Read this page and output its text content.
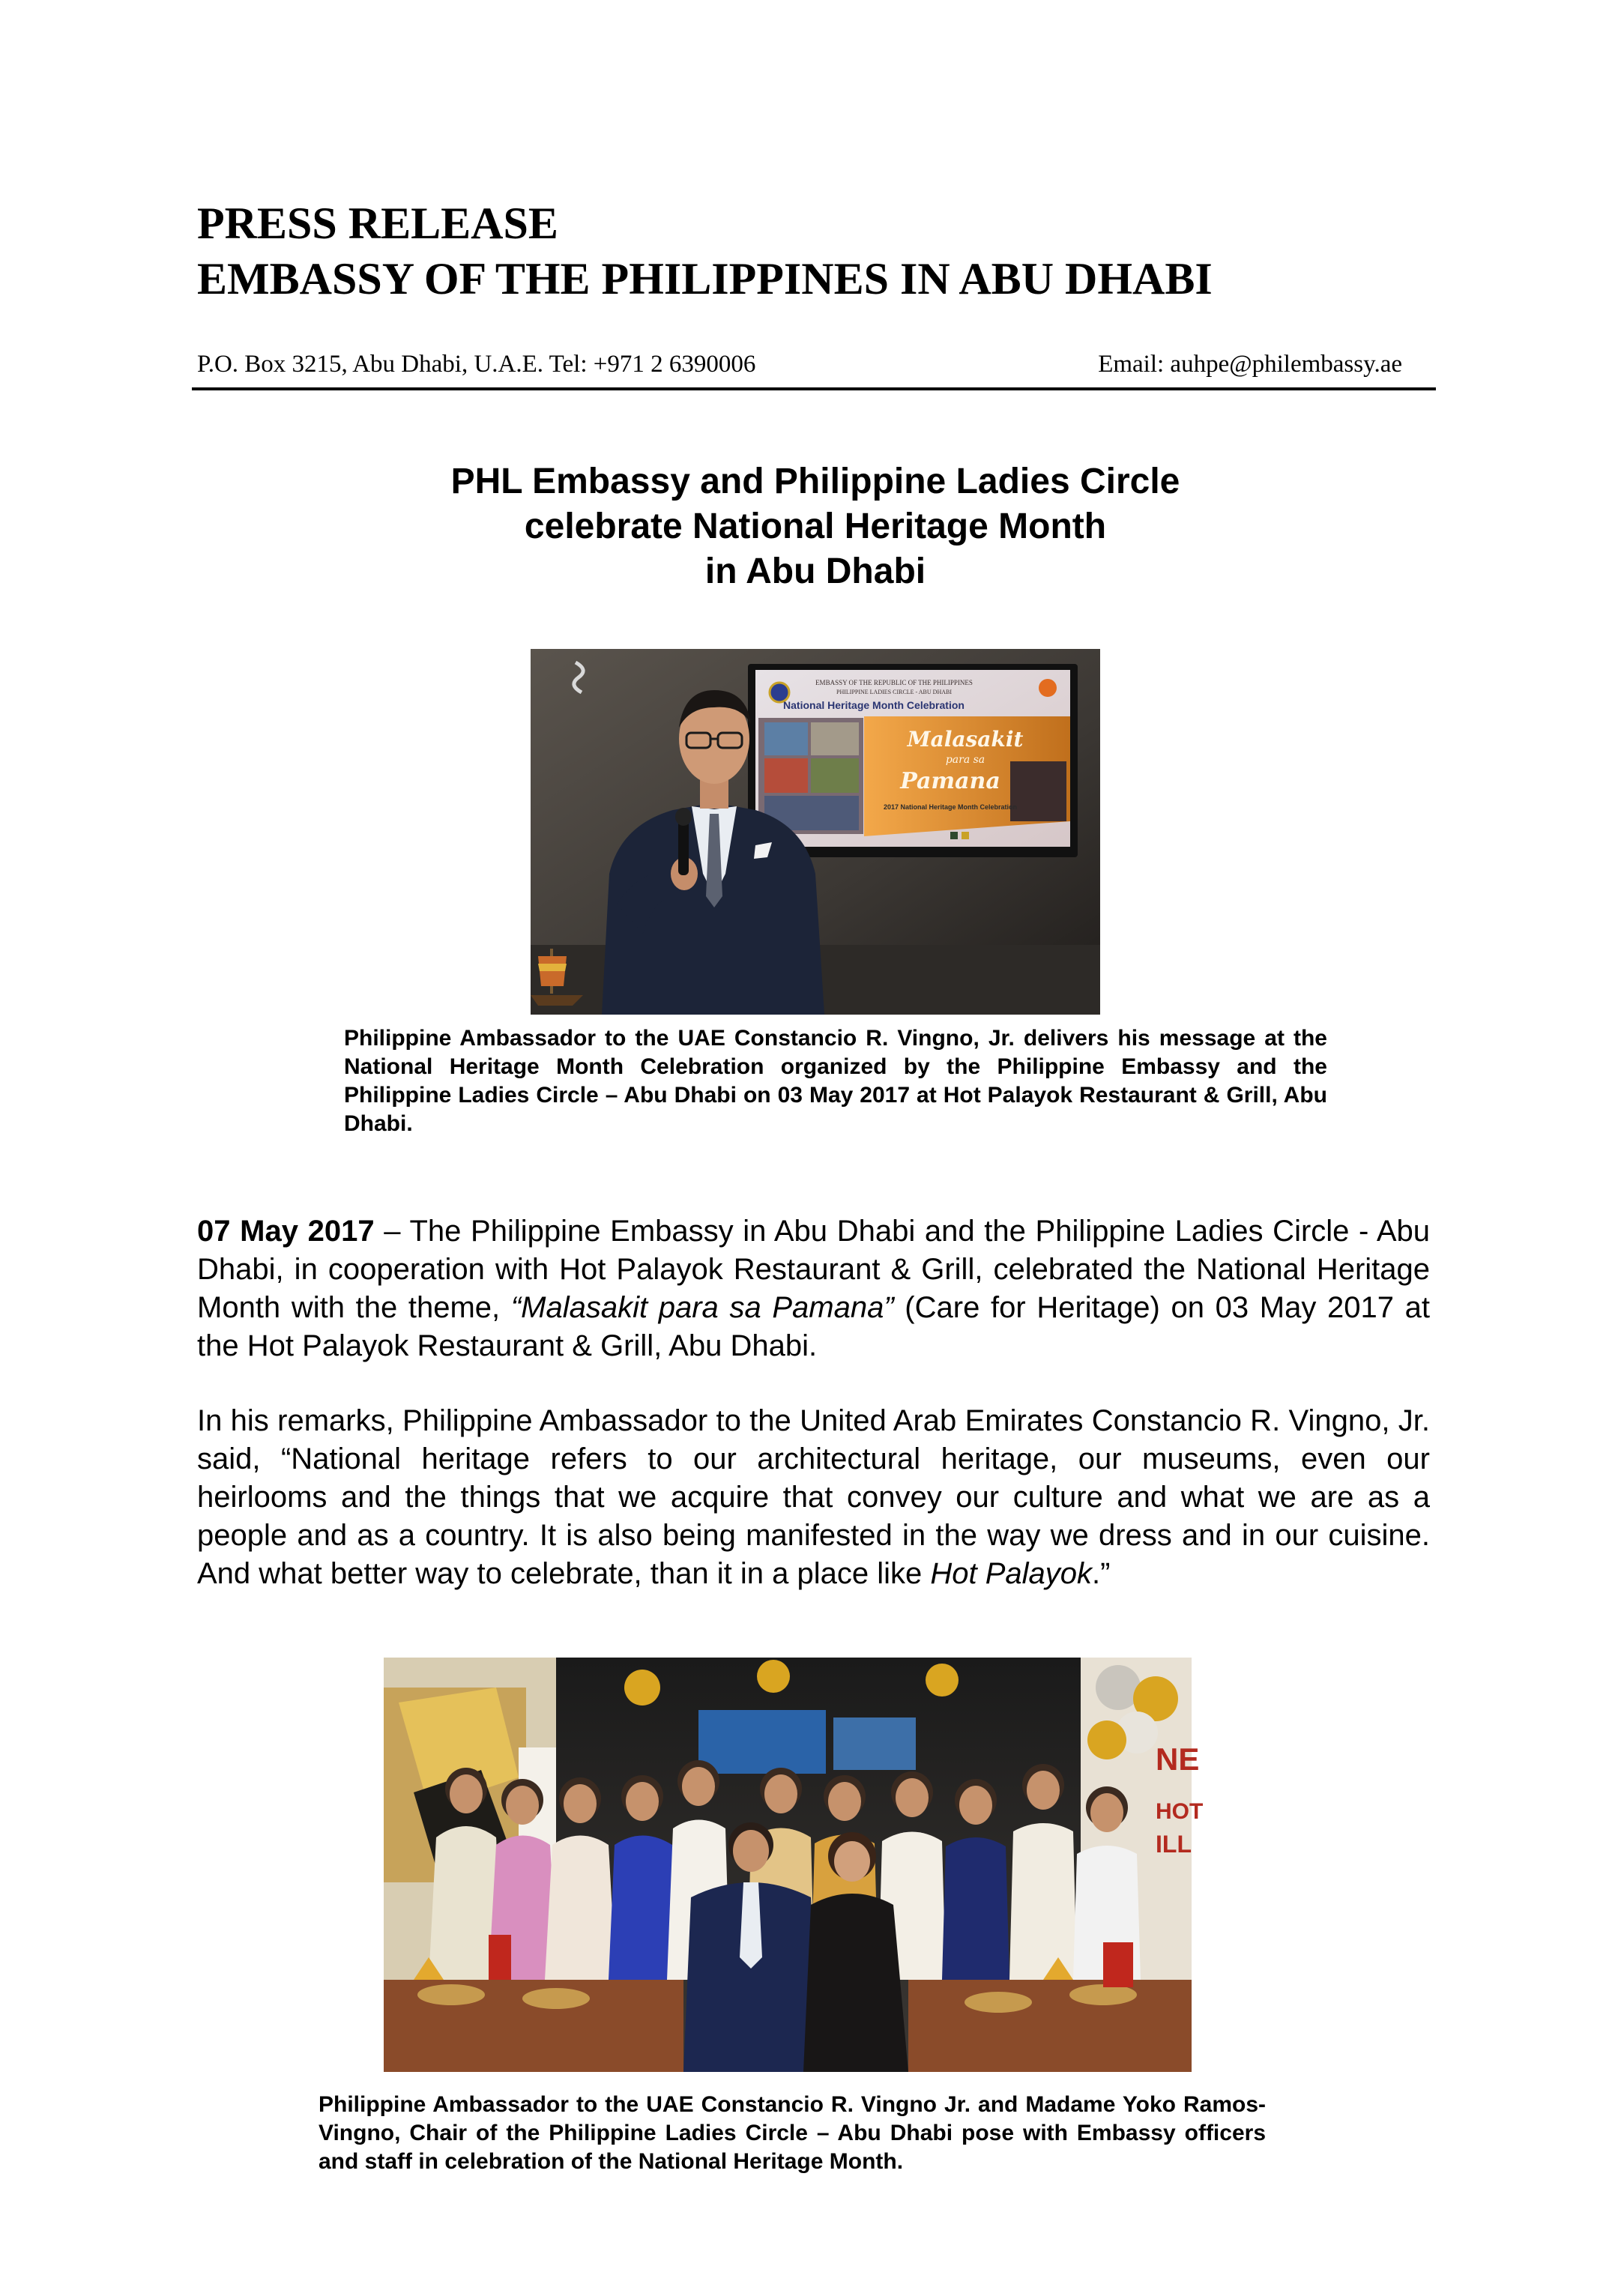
PRESS RELEASE
EMBASSY OF THE PHILIPPINES IN ABU DHABI
P.O. Box 3215, Abu Dhabi, U.A.E. Tel: +971 2 6390006	Email: auhpe@philembassy.ae
PHL Embassy and Philippine Ladies Circle
celebrate National Heritage Month
in Abu Dhabi
EMBASSY OF THE REPUBLIC OF THE PHILIPPINES
PHILIPPINE LADIES CIRCLE - ABU DHABI
National Heritage Month Celebration
Malasakit
para sa
Pamana
2017 National Heritage Month Celebration
Philippine Ambassador to the UAE Constancio R. Vingno, Jr. delivers his message at the National Heritage Month Celebration organized by the Philippine Embassy and the Philippine Ladies Circle – Abu Dhabi on 03 May 2017 at Hot Palayok Restaurant & Grill, Abu Dhabi.

07 May 2017 – The Philippine Embassy in Abu Dhabi and the Philippine Ladies Circle - Abu Dhabi, in cooperation with Hot Palayok Restaurant & Grill, celebrated the National Heritage Month with the theme, “Malasakit para sa Pamana” (Care for Heritage) on 03 May 2017 at the Hot Palayok Restaurant & Grill, Abu Dhabi.

In his remarks, Philippine Ambassador to the United Arab Emirates Constancio R. Vingno, Jr. said, “National heritage refers to our architectural heritage, our museums, even our heirlooms and the things that we acquire that convey our culture and what we are as a people and as a country. It is also being manifested in the way we dress and in our cuisine. And what better way to celebrate, than it in a place like Hot Palayok.”

NE
HOT
ILL
Philippine Ambassador to the UAE Constancio R. Vingno Jr. and Madame Yoko Ramos-Vingno, Chair of the Philippine Ladies Circle – Abu Dhabi pose with Embassy officers and staff in celebration of the National Heritage Month.
